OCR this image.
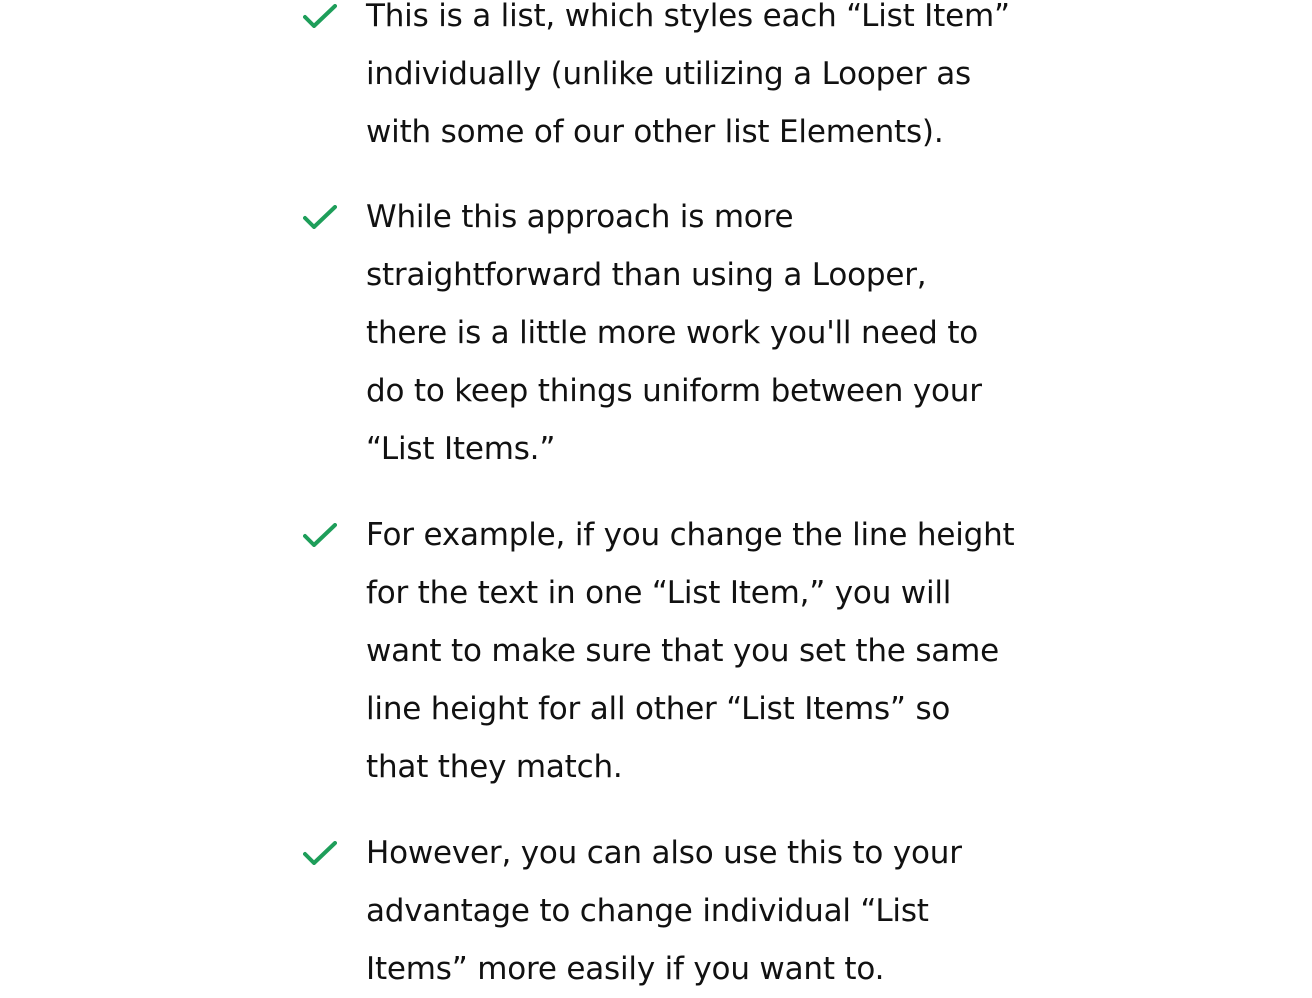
This is a list, which styles each “List Item”
individually (unlike utilizing a Looper as
with some of our other list Elements).
While this approach is more
straightforward than using a Looper,
there is a little more work you'll need to
do to keep things uniform between your
“List Items.”
For example, if you change the line height
for the text in one “List Item,” you will
want to make sure that you set the same
line height for all other “List Items” so
that they match.
However, you can also use this to your
advantage to change individual “List
Items” more easily if you want to.
